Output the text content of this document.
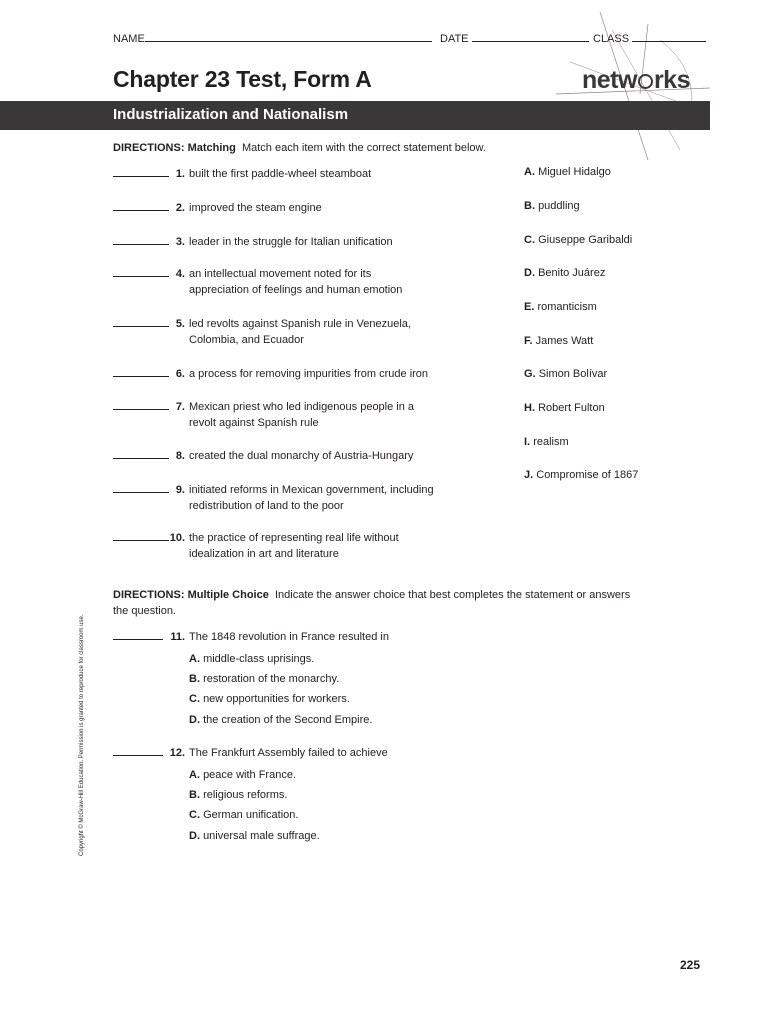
NAME	DATE	CLASS
Chapter 23 Test, Form A	netw rks
Industrialization and Nationalism
DIRECTIONS: Matching Match each item with the correct statement below.
1. built the first paddle-wheel steamboat
2. improved the steam engine
3. leader in the struggle for Italian unification
4. an intellectual movement noted for its
appreciation of feelings and human emotion
5. led revolts against Spanish rule in Venezuela,
Colombia, and Ecuador
6. a process for removing impurities from crude iron
7. Mexican priest who led indigenous people in a
revolt against Spanish rule
8. created the dual monarchy of Austria-Hungary
9. initiated reforms in Mexican government, including
redistribution of land to the poor
10. the practice of representing real life without
idealization in art and literature
A. Miguel Hidalgo
B. puddling
C. Giuseppe Garibaldi
D. Benito Juárez
E. romanticism
F. James Watt
G. Simon Bolívar
H. Robert Fulton
I. realism
J. Compromise of 1867
DIRECTIONS: Multiple Choice Indicate the answer choice that best completes the statement or answers
the question.
11. The 1848 revolution in France resulted in
A. middle-class uprisings.
B. restoration of the monarchy.
C. new opportunities for workers.
D. the creation of the Second Empire.
12. The Frankfurt Assembly failed to achieve
A. peace with France.
B. religious reforms.
C. German unification.
D. universal male suffrage.
Copyright © McGraw-Hill Education. Permission is granted to reproduce for classroom use.
225
